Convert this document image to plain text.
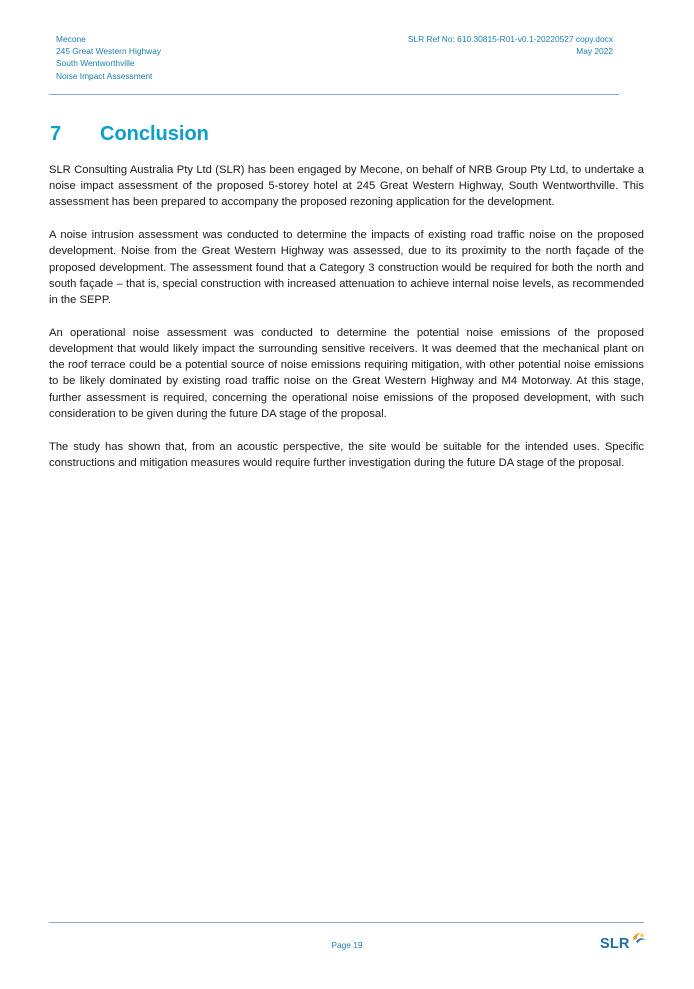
Mecone
245 Great Western Highway
South Wentworthville
Noise Impact Assessment
SLR Ref No: 610.30815-R01-v0.1-20220527 copy.docx
May 2022
7 Conclusion

SLR Consulting Australia Pty Ltd (SLR) has been engaged by Mecone, on behalf of NRB Group Pty Ltd, to undertake a noise impact assessment of the proposed 5-storey hotel at 245 Great Western Highway, South Wentworthville. This assessment has been prepared to accompany the proposed rezoning application for the development.

A noise intrusion assessment was conducted to determine the impacts of existing road traffic noise on the proposed development. Noise from the Great Western Highway was assessed, due to its proximity to the north façade of the proposed development. The assessment found that a Category 3 construction would be required for both the north and south façade – that is, special construction with increased attenuation to achieve internal noise levels, as recommended in the SEPP.

An operational noise assessment was conducted to determine the potential noise emissions of the proposed development that would likely impact the surrounding sensitive receivers. It was deemed that the mechanical plant on the roof terrace could be a potential source of noise emissions requiring mitigation, with other potential noise emissions to be likely dominated by existing road traffic noise on the Great Western Highway and M4 Motorway. At this stage, further assessment is required, concerning the operational noise emissions of the proposed development, with such consideration to be given during the future DA stage of the proposal.

The study has shown that, from an acoustic perspective, the site would be suitable for the intended uses. Specific constructions and mitigation measures would require further investigation during the future DA stage of the proposal.

Page 19	SLR
